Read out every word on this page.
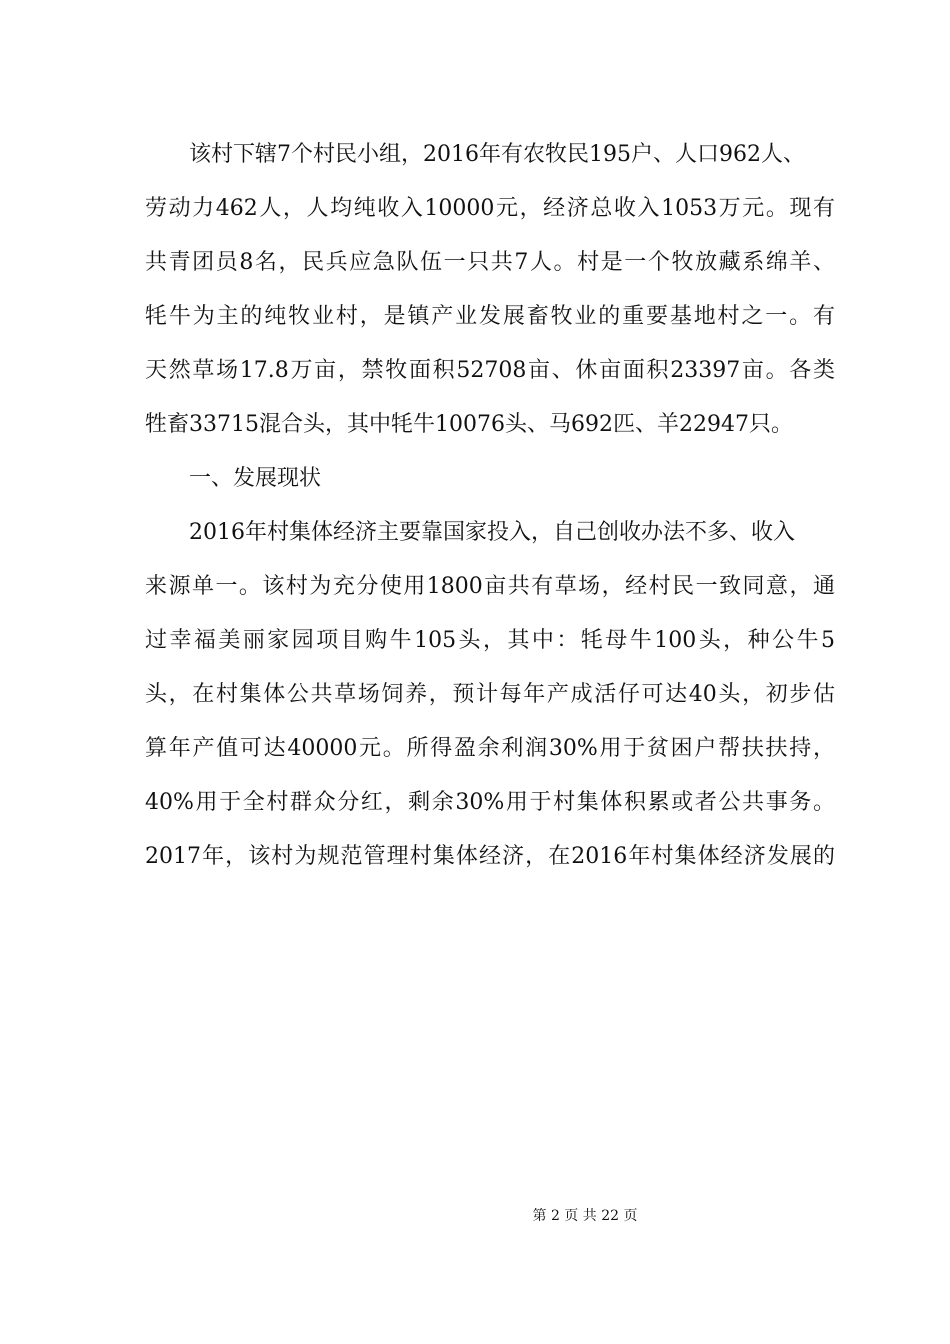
该村下辖7个村民小组，2016年有农牧民195户、人口962人、

劳动力462人，人均纯收入10000元，经济总收入1053万元。现有

共青团员8名，民兵应急队伍一只共7人。村是一个牧放藏系绵羊、

牦牛为主的纯牧业村，是镇产业发展畜牧业的重要基地村之一。有

天然草场17.8万亩，禁牧面积52708亩、休亩面积23397亩。各类

牲畜33715混合头，其中牦牛10076头、马692匹、羊22947只。

一、发展现状

2016年村集体经济主要靠国家投入，自己创收办法不多、收入

来源单一。该村为充分使用1800亩共有草场，经村民一致同意，通

过幸福美丽家园项目购牛105头，其中：牦母牛100头，种公牛5

头，在村集体公共草场饲养，预计每年产成活仔可达40头，初步估

算年产值可达40000元。所得盈余利润30%用于贫困户帮扶扶持，

40%用于全村群众分红，剩余30%用于村集体积累或者公共事务。

2017年，该村为规范管理村集体经济，在2016年村集体经济发展的

第 2 页 共 22 页
